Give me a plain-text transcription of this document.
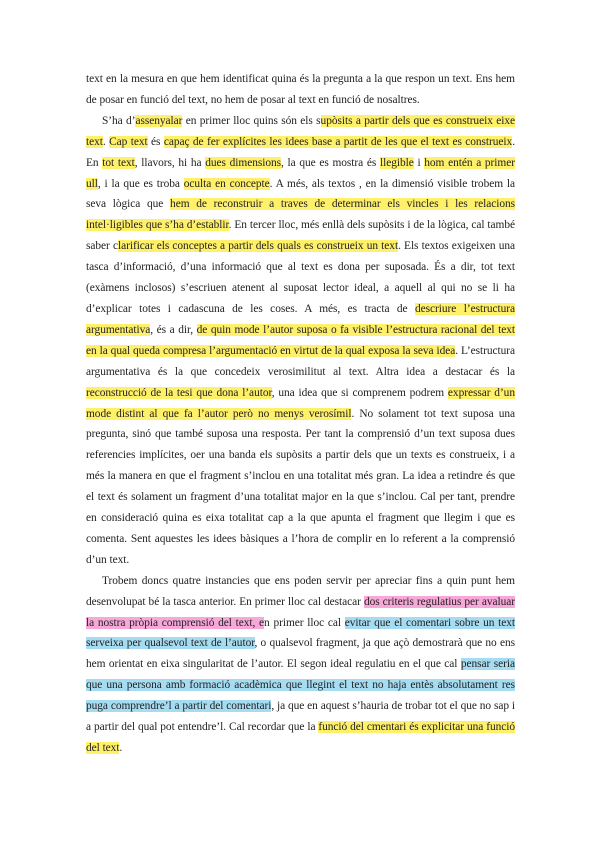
text en la mesura en que hem identificat quina és la pregunta a la que respon un text. Ens hem de posar en funció del text, no hem de posar al text en funció de nosaltres.

S’ha d’assenyalar en primer lloc quins són els supòsits a partir dels que es construeix eixe text. Cap text és capaç de fer explícites les idees base a partit de les que el text es construeix. En tot text, llavors, hi ha dues dimensions, la que es mostra és llegible i hom entén a primer ull, i la que es troba oculta en concepte. A més, als textos , en la dimensió visible trobem la seva lògica que hem de reconstruir a traves de determinar els vincles i les relacions intel·ligibles que s’ha d’establir. En tercer lloc, més enllà dels supòsits i de la lògica, cal també saber clarificar els conceptes a partir dels quals es construeix un text. Els textos exigeixen una tasca d’informació, d’una informació que al text es dona per suposada. És a dir, tot text (exàmens inclosos) s’escriuen atenent al suposat lector ideal, a aquell al qui no se li ha d’explicar totes i cadascuna de les coses. A més, es tracta de descriure l’estructura argumentativa, és a dir, de quin mode l’autor suposa o fa visible l’estructura racional del text en la qual queda compresa l’argumentació en virtut de la qual exposa la seva idea. L’estructura argumentativa és la que concedeix verosimilitut al text. Altra idea a destacar és la reconstrucció de la tesi que dona l’autor, una idea que si comprenem podrem expressar d’un mode distint al que fa l’autor però no menys verosímil. No solament tot text suposa una pregunta, sinó que també suposa una resposta. Per tant la comprensió d’un text suposa dues referencies implícites, oer una banda els supòsits a partir dels que un texts es construeix, i a més la manera en que el fragment s’inclou en una totalitat més gran. La idea a retindre és que el text és solament un fragment d’una totalitat major en la que s’inclou. Cal per tant, prendre en consideració quina es eixa totalitat cap a la que apunta el fragment que llegim i que es comenta. Sent aquestes les idees bàsiques a l’hora de complir en lo referent a la comprensió d’un text.

Trobem doncs quatre instancies que ens poden servir per apreciar fins a quin punt hem desenvolupat bé la tasca anterior. En primer lloc cal destacar dos criteris regulatius per avaluar la nostra pròpia comprensió del text, en primer lloc cal evitar que el comentari sobre un text serveixa per qualsevol text de l’autor, o qualsevol fragment, ja que açò demostrarà que no ens hem orientat en eixa singularitat de l’autor. El segon ideal regulatiu en el que cal pensar seria que una persona amb formació acadèmica que llegint el text no haja entès absolutament res puga comprendre’l a partir del comentari, ja que en aquest s’hauria de trobar tot el que no sap i a partir del qual pot entendre’l. Cal recordar que la funció del cmentari és explicitar una funció del text.
